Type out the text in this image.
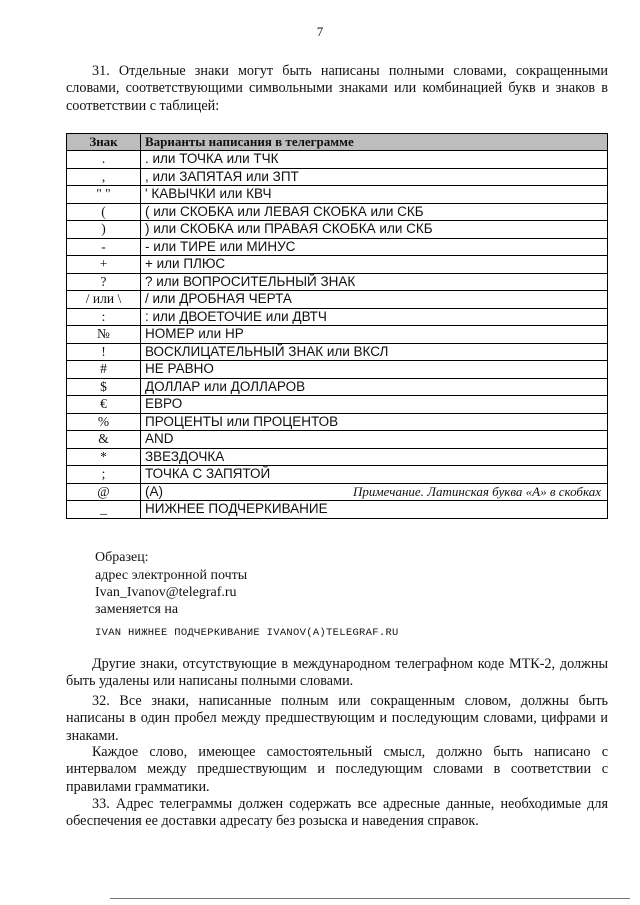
7

31. Отдельные знаки могут быть написаны полными словами, сокращенными словами, соответствующими символьными знаками или комбинацией букв и знаков в соответствии с таблицей:

Знак	Варианты написания в телеграмме
.	. или ТОЧКА или ТЧК
,	, или ЗАПЯТАЯ или ЗПТ
" "	' КАВЫЧКИ или КВЧ
(	( или СКОБКА или ЛЕВАЯ СКОБКА или СКБ
)	) или СКОБКА или ПРАВАЯ СКОБКА или СКБ
-	- или ТИРЕ или МИНУС
+	+ или ПЛЮС
?	? или ВОПРОСИТЕЛЬНЫЙ ЗНАК
/ или \	/ или ДРОБНАЯ ЧЕРТА
:	: или ДВОЕТОЧИЕ или ДВТЧ
№	НОМЕР или НР
!	ВОСКЛИЦАТЕЛЬНЫЙ ЗНАК или ВКСЛ
#	НЕ РАВНО
$	ДОЛЛАР или ДОЛЛАРОВ
€	ЕВРО
%	ПРОЦЕНТЫ или ПРОЦЕНТОВ
&	AND
*	ЗВЕЗДОЧКА
;	ТОЧКА С ЗАПЯТОЙ
@	(А) Примечание. Латинская буква «А» в скобках

_	НИЖНЕЕ ПОДЧЕРКИВАНИЕ
Образец:
адрес электронной почты
Ivan_Ivanov@telegraf.ru
заменяется на
IVAN НИЖНЕЕ ПОДЧЕРКИВАНИЕ IVANOV(A)TELEGRAF.RU

Другие знаки, отсутствующие в международном телеграфном коде МТК-2, должны быть удалены или написаны полными словами.

32. Все знаки, написанные полным или сокращенным словом, должны быть написаны в один пробел между предшествующим и последующим словами, цифрами и знаками.

Каждое слово, имеющее самостоятельный смысл, должно быть написано с интервалом между предшествующим и последующим словами в соответствии с правилами грамматики.

33. Адрес телеграммы должен содержать все адресные данные, необходимые для обеспечения ее доставки адресату без розыска и наведения справок.
